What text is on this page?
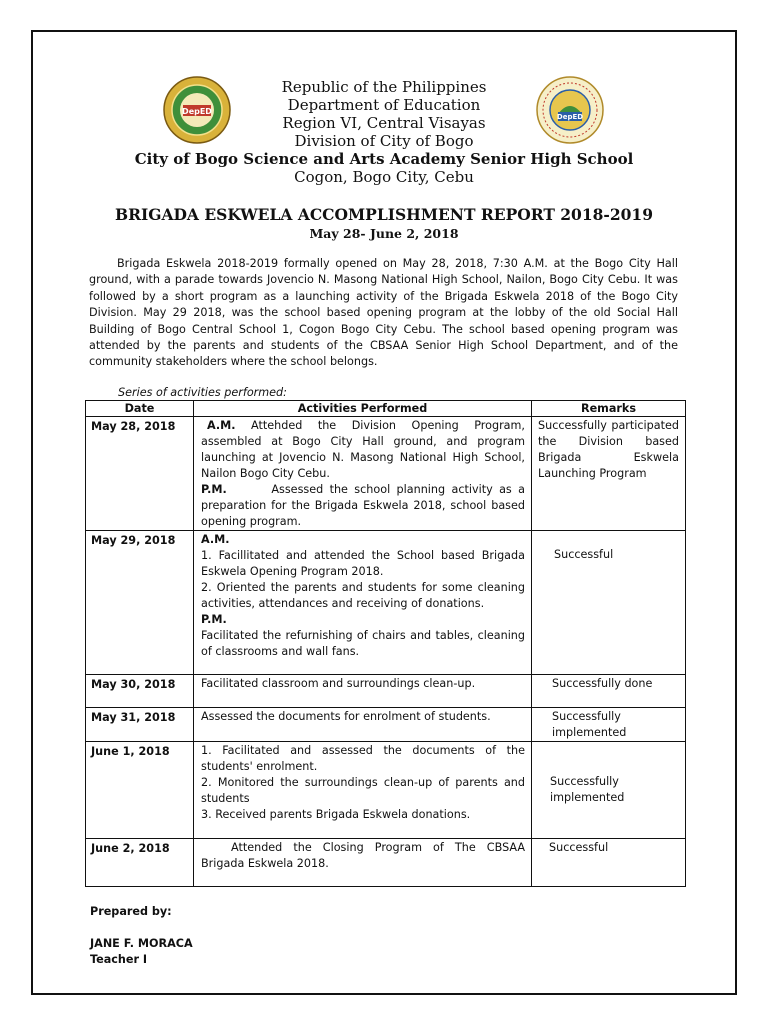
DepED
DepED
Republic of the Philippines
Department of Education
Region VI, Central Visayas
Division of City of Bogo
City of Bogo Science and Arts Academy Senior High School
Cogon, Bogo City, Cebu
BRIGADA ESKWELA ACCOMPLISHMENT REPORT 2018-2019
May 28- June 2, 2018
Brigada Eskwela 2018-2019 formally opened on May 28, 2018, 7:30 A.M. at the Bogo City Hall ground, with a parade towards Jovencio N. Masong National High School, Nailon, Bogo City Cebu. It was followed by a short program as a launching activity of the Brigada Eskwela 2018 of the Bogo City Division. May 29 2018, was the school based opening program at the lobby of the old Social Hall Building of Bogo Central School 1, Cogon Bogo City Cebu. The school based opening program was attended by the parents and students of the CBSAA Senior High School Department, and of the community stakeholders where the school belongs.
Series of activities performed:
Date	Activities Performed	Remarks
May 28, 2018	A.M. Attehded the Division Opening Program, assembled at Bogo City Hall ground, and program launching at Jovencio N. Masong National High School, Nailon Bogo City Cebu.

P.M. Assessed the school planning activity as a preparation for the Brigada Eskwela 2018, school based opening program.	Successfully participated the Division based Brigada Eskwela Launching Program
May 29, 2018	A.M.

1. Facillitated and attended the School based Brigada Eskwela Opening Program 2018.

2. Oriented the parents and students for some cleaning activities, attendances and receiving of donations.

P.M.

Facilitated the refurnishing of chairs and tables, cleaning of classrooms and wall fans.	Successful

May 30, 2018	Facilitated classroom and surroundings clean-up.	Successfully done
May 31, 2018	Assessed the documents for enrolment of students.	Successfully implemented

June 1, 2018	1. Facilitated and assessed the documents of the students' enrolment.

2. Monitored the surroundings clean-up of parents and students

3. Received parents Brigada Eskwela donations.	Successfully implemented

June 2, 2018	Attended the Closing Program of The CBSAA Brigada Eskwela 2018.	Successful
Prepared by:
JANE F. MORACA
Teacher I
